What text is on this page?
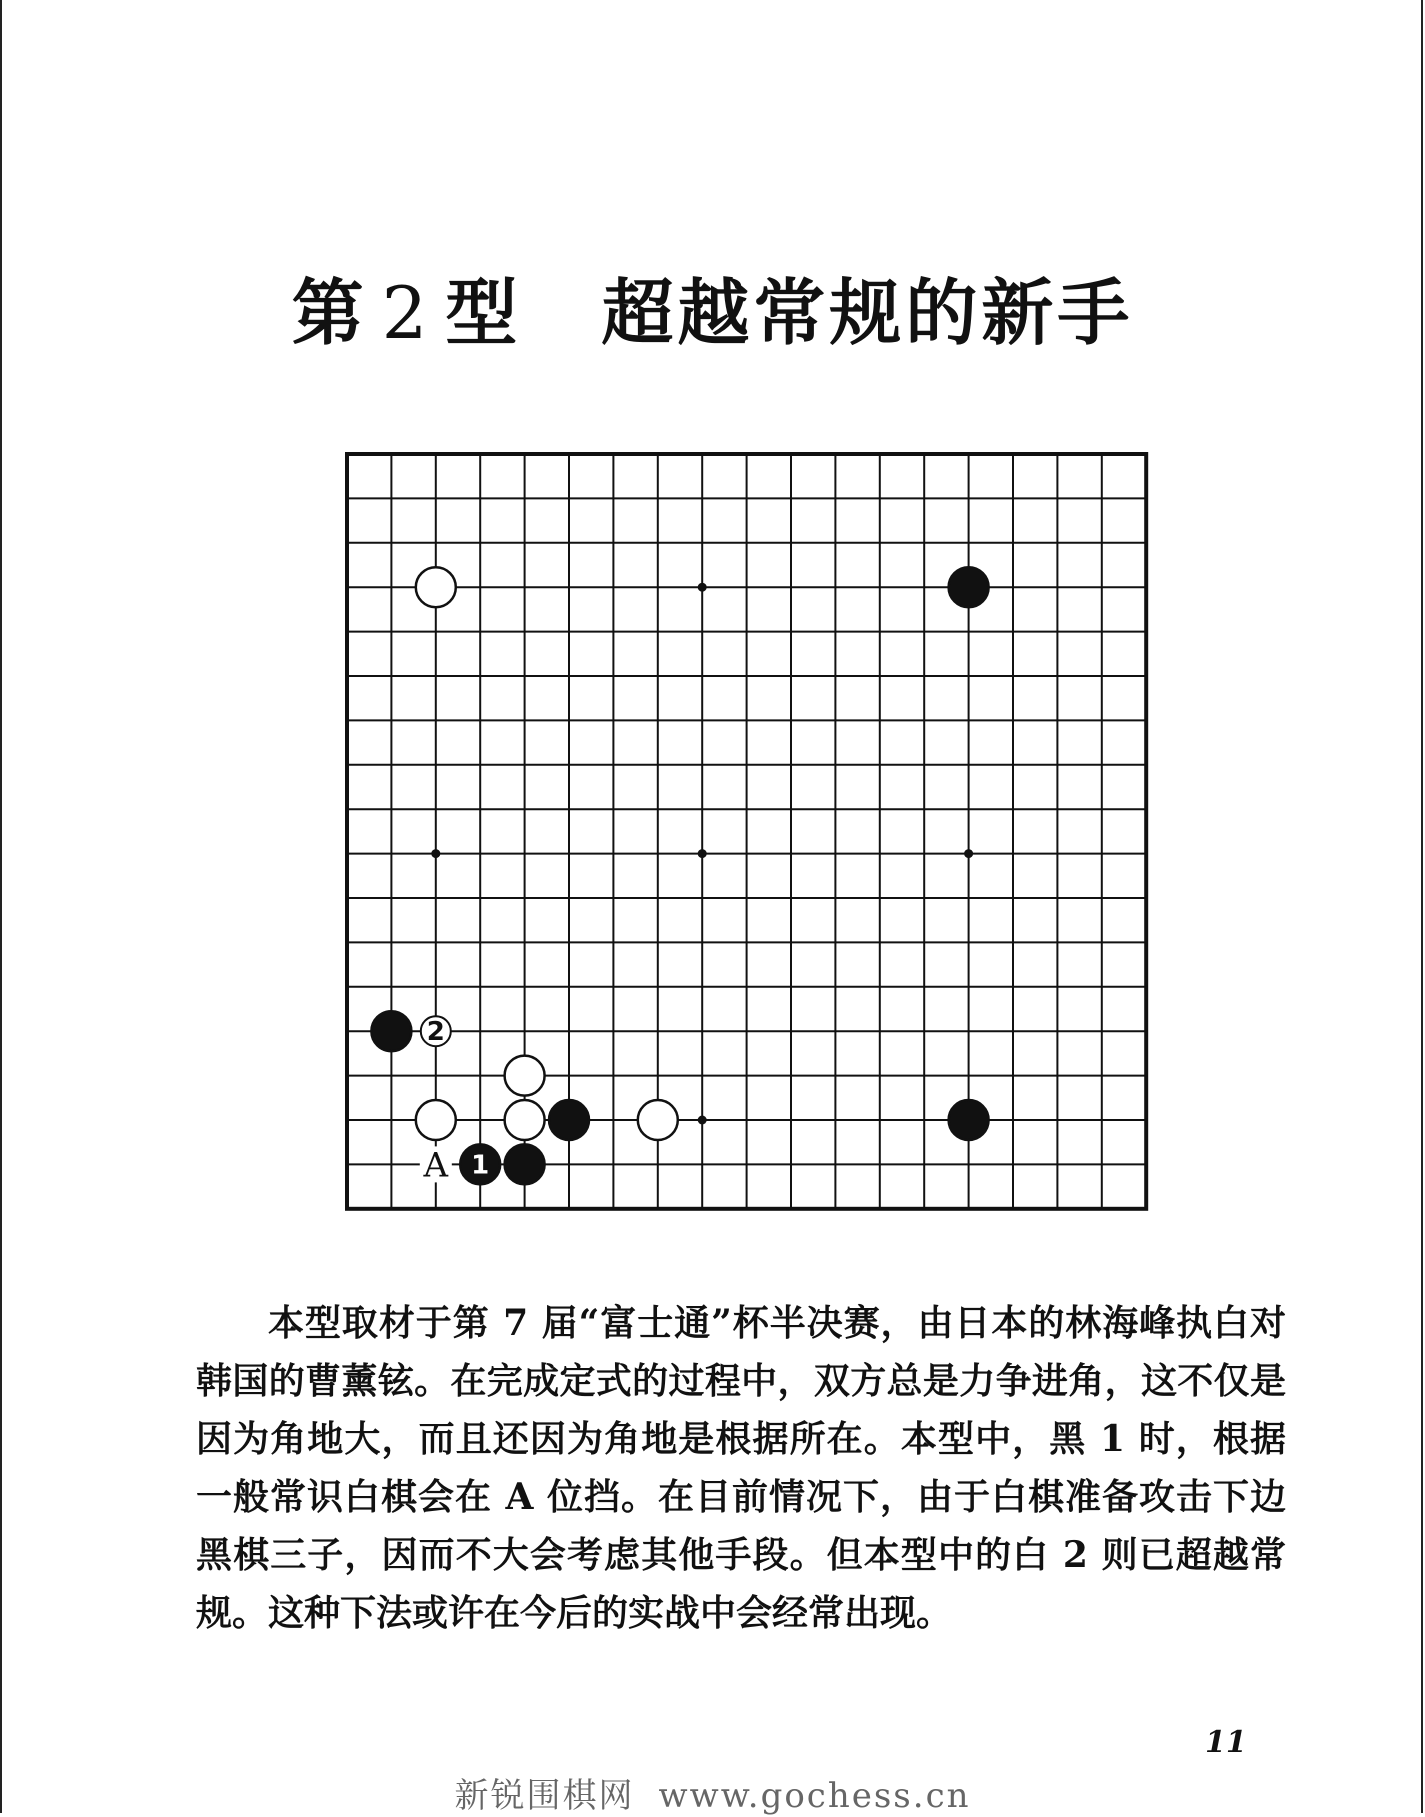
第 2 型 超越常规的新手
2
1
A

本型取材于第 7 届“富士通”杯半决赛，由日本的林海峰执白对韩国的曹薰铉。在完成定式的过程中，双方总是力争进角，这不仅是因为角地大，而且还因为角地是根据所在。本型中，黑 1 时，根据一般常识白棋会在 A 位挡。在目前情况下，由于白棋准备攻击下边黑棋三子，因而不大会考虑其他手段。但本型中的白 2 则已超越常规。这种下法或许在今后的实战中会经常出现。

11
新锐围棋网 www.gochess.cn
